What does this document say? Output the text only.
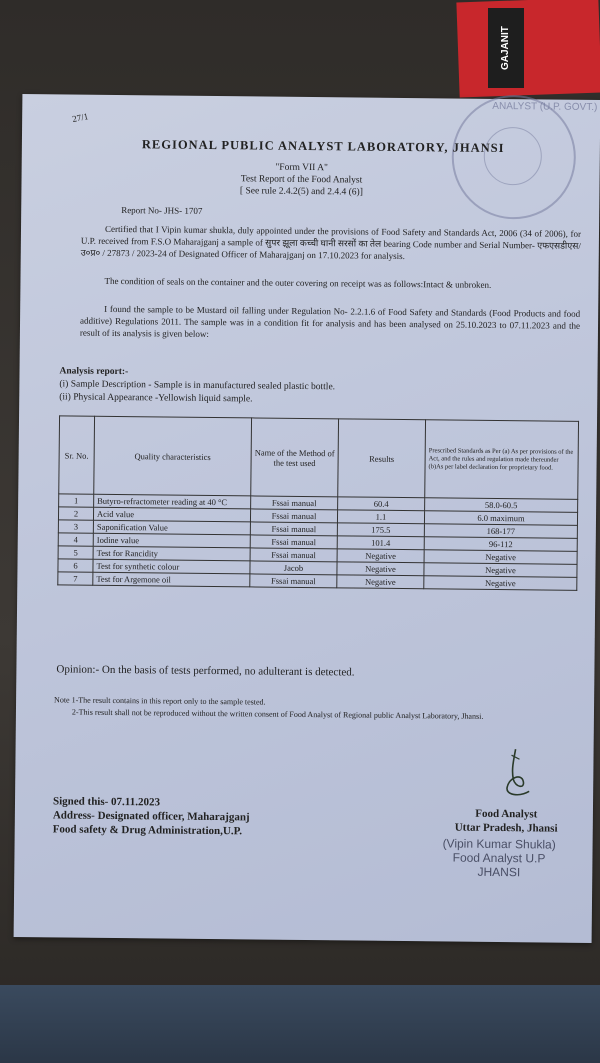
GAJANIT
27/1
ANALYST (U.P. GOVT.)
REGIONAL PUBLIC ANALYST LABORATORY, JHANSI
"Form VII A"
Test Report of the Food Analyst
[ See rule 2.4.2(5) and 2.4.4 (6)]
Report No- JHS- 1707
Certified that I Vipin kumar shukla, duly appointed under the provisions of Food Safety and Standards Act, 2006 (34 of 2006), for U.P. received from F.S.O Maharajganj a sample of सुपर झूला कच्ची घानी सरसों का तेल bearing Code number and Serial Number- एफएसडीएस/ उ०प्र० / 27873 / 2023-24 of Designated Officer of Maharajganj on 17.10.2023 for analysis.
The condition of seals on the container and the outer covering on receipt was as follows:Intact & unbroken.
I found the sample to be Mustard oil falling under Regulation No- 2.2.1.6 of Food Safety and Standards (Food Products and food additive) Regulations 2011. The sample was in a condition fit for analysis and has been analysed on 25.10.2023 to 07.11.2023 and the result of its analysis is given below:
Analysis report:-
(i) Sample Description - Sample is in manufactured sealed plastic bottle.
(ii) Physical Appearance -Yellowish liquid sample.
Sr. No.	Quality characteristics	Name of the Method of the test used	Results	Prescribed Standards as Per (a) As per provisions of the Act, and the rules and regulation made thereunder (b)As per label declaration for proprietary food.
1	Butyro-refractometer reading at 40 °C	Fssai manual	60.4	58.0-60.5
2	Acid value	Fssai manual	1.1	6.0 maximum
3	Saponification Value	Fssai manual	175.5	168-177
4	Iodine value	Fssai manual	101.4	96-112
5	Test for Rancidity	Fssai manual	Negative	Negative
6	Test for synthetic colour	Jacob	Negative	Negative
7	Test for Argemone oil	Fssai manual	Negative	Negative
Opinion:- On the basis of tests performed, no adulterant is detected.
Note 1-The result contains in this report only to the sample tested.
2-This result shall not be reproduced without the written consent of Food Analyst of Regional public Analyst Laboratory, Jhansi.
Signed this- 07.11.2023
Address- Designated officer, Maharajganj
Food safety & Drug Administration,U.P.
Food Analyst
Uttar Pradesh, Jhansi
(Vipin Kumar Shukla)
Food Analyst U.P
JHANSI
